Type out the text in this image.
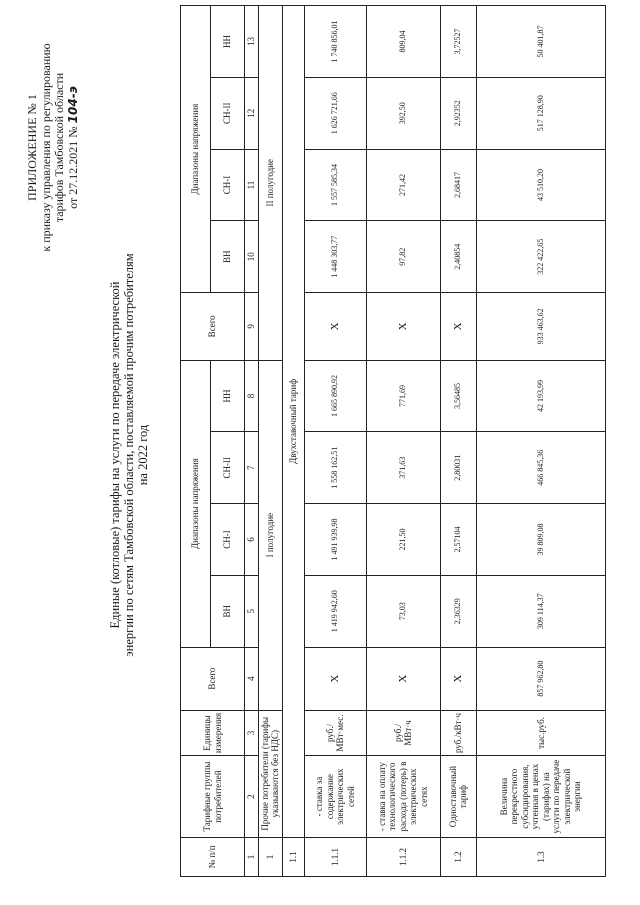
ПРИЛОЖЕНИЕ № 1 к приказу управления по регулированию тарифов Тамбовской области от 27.12.2021 № 104-э
Единые (котловые) тарифы на услуги по передаче электрической энергии по сетям Тамбовской области, поставляемой прочим потребителям на 2022 год
№ п/п	Тарифные группы потребителей	Единицы измерения	Всего	Диапазоны напряжения				Всего	Диапазоны напряжения			
				ВН	СН-I	СН-II	НН		ВН	СН-I	СН-II	НН
1	2	3	4	5	6	7	8	9	10	11	12	13
1	Прочие потребители (тарифы указываются без НДС)		I полугодие					II полугодие				
1.1	Двухставочный тариф											
1.1.1	- ставка за содержание электрических сетей	руб./МВт·мес.	Х	1 419 942,60	1 491 939,98	1 558 162,51	1 665 890,92	Х	1 448 303,77	1 557 585,34	1 626 721,66	1 740 856,01
1.1.2	- ставка на оплату технологического расхода (потерь) в электрических сетях	руб./МВт·ч	Х	73,03	221,50	371,63	771,69	Х	97,82	271,42	392,50	809,04
1.2	Одноставочный тариф	руб./кВт·ч	Х	2,36329	2,57104	2,80031	3,56485	Х	2,40854	2,68417	2,92352	3,72527
1.3	Величина перекрестного субсидирования, учтенная в ценах (тарифах) на услуги по передаче электрической энергии	тыс.руб.	857 962,80	309 114,37	39 809,08	466 845,36	42 193,99	933 463,62	322 422,65	43 510,20	517 128,90	50 401,87
